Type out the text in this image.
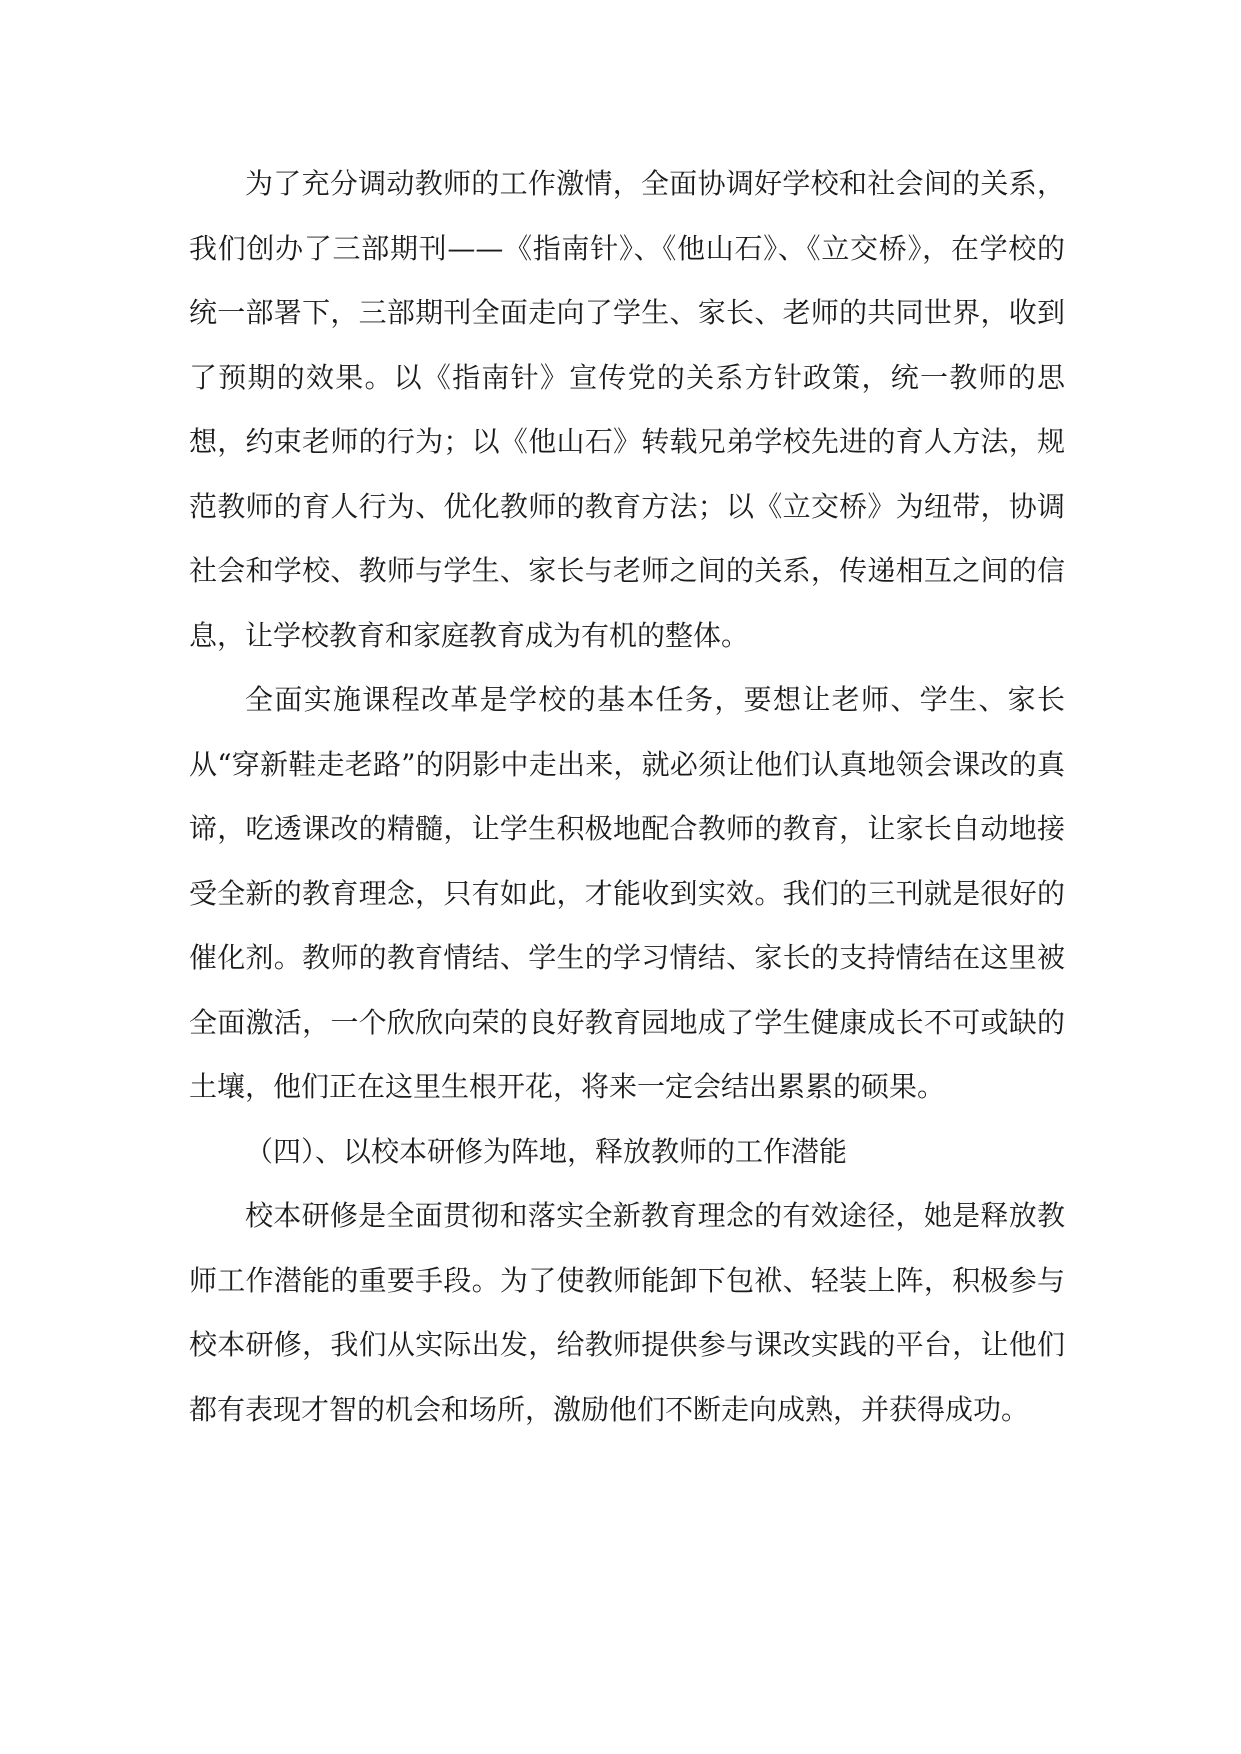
为了充分调动教师的工作激情，全面协调好学校和社会间的关系，我们创办了三部期刊——《指南针》、《他山石》、《立交桥》，在学校的统一部署下，三部期刊全面走向了学生、家长、老师的共同世界，收到了预期的效果。以《指南针》宣传党的关系方针政策，统一教师的思想，约束老师的行为；以《他山石》转载兄弟学校先进的育人方法，规范教师的育人行为、优化教师的教育方法；以《立交桥》为纽带，协调社会和学校、教师与学生、家长与老师之间的关系，传递相互之间的信息，让学校教育和家庭教育成为有机的整体。

全面实施课程改革是学校的基本任务，要想让老师、学生、家长从“穿新鞋走老路”的阴影中走出来，就必须让他们认真地领会课改的真谛，吃透课改的精髓，让学生积极地配合教师的教育，让家长自动地接受全新的教育理念，只有如此，才能收到实效。我们的三刊就是很好的催化剂。教师的教育情结、学生的学习情结、家长的支持情结在这里被全面激活，一个欣欣向荣的良好教育园地成了学生健康成长不可或缺的土壤，他们正在这里生根开花，将来一定会结出累累的硕果。

（四）、以校本研修为阵地，释放教师的工作潜能

校本研修是全面贯彻和落实全新教育理念的有效途径，她是释放教师工作潜能的重要手段。为了使教师能卸下包袱、轻装上阵，积极参与校本研修，我们从实际出发，给教师提供参与课改实践的平台，让他们都有表现才智的机会和场所，激励他们不断走向成熟，并获得成功。
